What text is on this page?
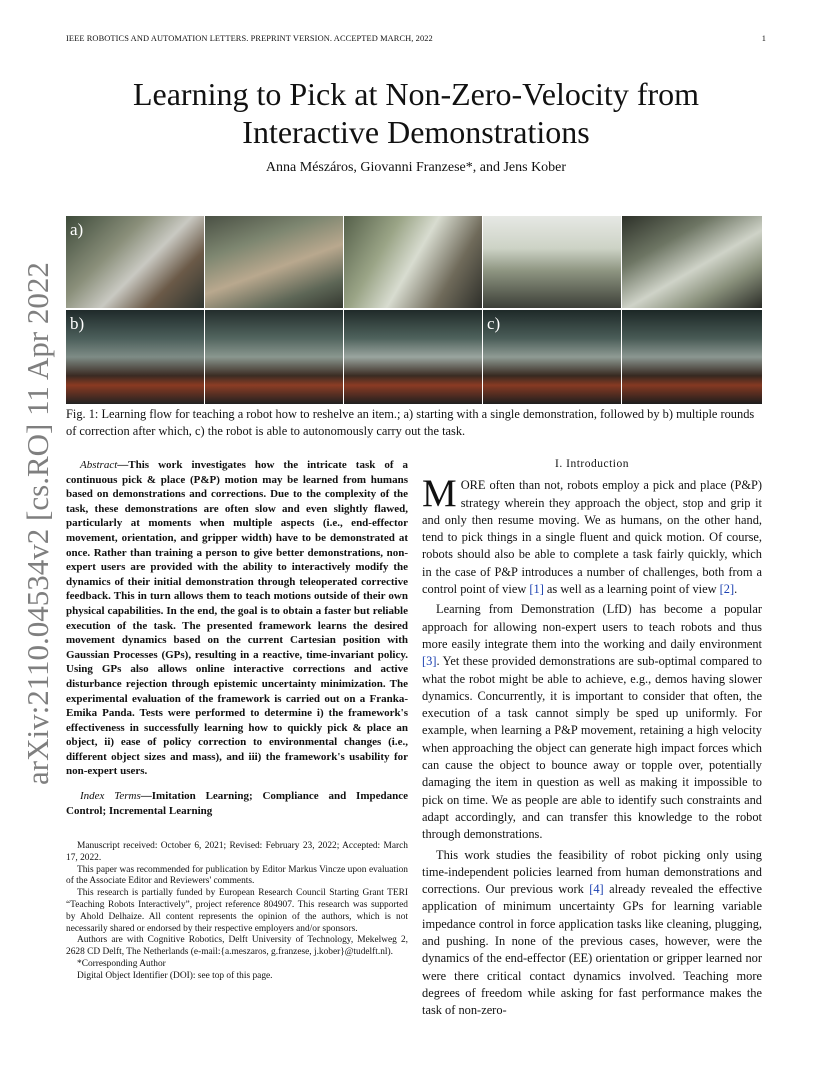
IEEE ROBOTICS AND AUTOMATION LETTERS. PREPRINT VERSION. ACCEPTED MARCH, 2022	1
arXiv:2110.04534v2 [cs.RO] 11 Apr 2022
Learning to Pick at Non-Zero-Velocity from Interactive Demonstrations
Anna Mészáros, Giovanni Franzese*, and Jens Kober
a)
b)	c)
Fig. 1: Learning flow for teaching a robot how to reshelve an item.; a) starting with a single demonstration, followed by b) multiple rounds of correction after which, c) the robot is able to autonomously carry out the task.

Abstract—This work investigates how the intricate task of a continuous pick & place (P&P) motion may be learned from humans based on demonstrations and corrections. Due to the complexity of the task, these demonstrations are often slow and even slightly flawed, particularly at moments when multiple aspects (i.e., end-effector movement, orientation, and gripper width) have to be demonstrated at once. Rather than training a person to give better demonstrations, non-expert users are provided with the ability to interactively modify the dynamics of their initial demonstration through teleoperated corrective feedback. This in turn allows them to teach motions outside of their own physical capabilities. In the end, the goal is to obtain a faster but reliable execution of the task. The presented framework learns the desired movement dynamics based on the current Cartesian position with Gaussian Processes (GPs), resulting in a reactive, time-invariant policy. Using GPs also allows online interactive corrections and active disturbance rejection through epistemic uncertainty minimization. The experimental evaluation of the framework is carried out on a Franka-Emika Panda. Tests were performed to determine i) the framework's effectiveness in successfully learning how to quickly pick & place an object, ii) ease of policy correction to environmental changes (i.e., different object sizes and mass), and iii) the framework's usability for non-expert users.

Index Terms—Imitation Learning; Compliance and Impedance Control; Incremental Learning

Manuscript received: October 6, 2021; Revised: February 23, 2022; Accepted: March 17, 2022.

This paper was recommended for publication by Editor Markus Vincze upon evaluation of the Associate Editor and Reviewers' comments.

This research is partially funded by European Research Council Starting Grant TERI “Teaching Robots Interactively”, project reference 804907. This research was supported by Ahold Delhaize. All content represents the opinion of the authors, which is not necessarily shared or endorsed by their respective employers and/or sponsors.

Authors are with Cognitive Robotics, Delft University of Technology, Mekelweg 2, 2628 CD Delft, The Netherlands (e-mail:{a.meszaros, g.franzese, j.kober}@tudelft.nl).

*Corresponding Author

Digital Object Identifier (DOI): see top of this page.

I. Introduction

MORE often than not, robots employ a pick and place (P&P) strategy wherein they approach the object, stop and grip it and only then resume moving. We as humans, on the other hand, tend to pick things in a single fluent and quick motion. Of course, robots should also be able to complete a task fairly quickly, which in the case of P&P introduces a number of challenges, both from a control point of view [1] as well as a learning point of view [2].

Learning from Demonstration (LfD) has become a popular approach for allowing non-expert users to teach robots and thus more easily integrate them into the working and daily environment [3]. Yet these provided demonstrations are sub-optimal compared to what the robot might be able to achieve, e.g., demos having slower dynamics. Concurrently, it is important to consider that often, the execution of a task cannot simply be sped up uniformly. For example, when learning a P&P movement, retaining a high velocity when approaching the object can generate high impact forces which can cause the object to bounce away or topple over, potentially damaging the item in question as well as making it impossible to pick on time. We as people are able to identify such constraints and adapt accordingly, and can transfer this knowledge to the robot through demonstrations.

This work studies the feasibility of robot picking only using time-independent policies learned from human demonstrations and corrections. Our previous work [4] already revealed the effective application of minimum uncertainty GPs for learning variable impedance control in force application tasks like cleaning, plugging, and pushing. In none of the previous cases, however, were the dynamics of the end-effector (EE) orientation or gripper learned nor were there critical contact dynamics involved. Teaching more degrees of freedom while asking for fast performance makes the task of non-zero-
